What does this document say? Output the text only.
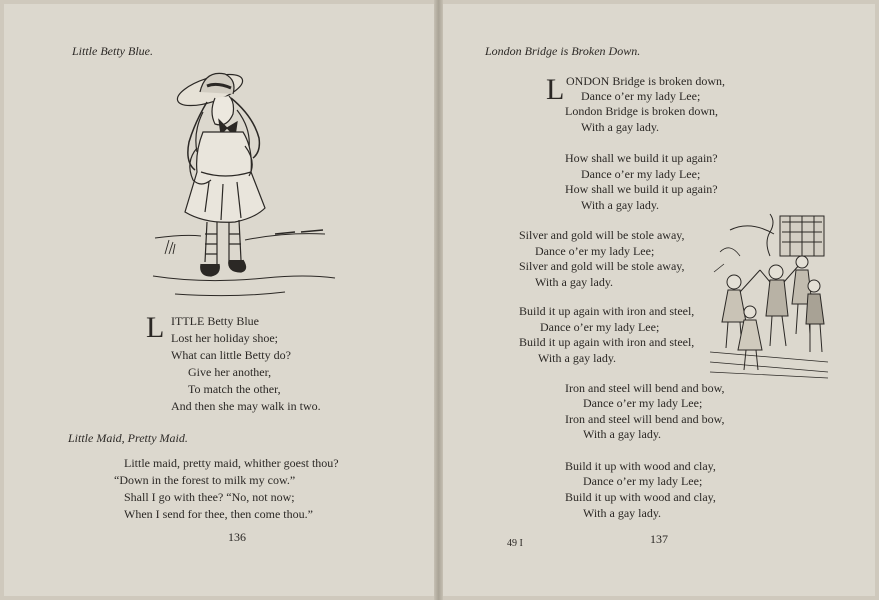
Little Betty Blue.
L ITTLE Betty Blue
Lost her holiday shoe;
What can little Betty do?
Give her another,
To match the other,
And then she may walk in two.
Little Maid, Pretty Maid.
Little maid, pretty maid, whither goest thou?
“Down in the forest to milk my cow.”
Shall I go with thee? “No, not now;
When I send for thee, then come thou.”
136
London Bridge is Broken Down.
L ONDON Bridge is broken down,
Dance o’er my lady Lee;
London Bridge is broken down,
With a gay lady.
How shall we build it up again?
Dance o’er my lady Lee;
How shall we build it up again?
With a gay lady.
Silver and gold will be stole away,
Dance o’er my lady Lee;
Silver and gold will be stole away,
With a gay lady.
Build it up again with iron and steel,
Dance o’er my lady Lee;
Build it up again with iron and steel,
With a gay lady.
Iron and steel will bend and bow,
Dance o’er my lady Lee;
Iron and steel will bend and bow,
With a gay lady.
Build it up with wood and clay,
Dance o’er my lady Lee;
Build it up with wood and clay,
With a gay lady.
49 I	137
